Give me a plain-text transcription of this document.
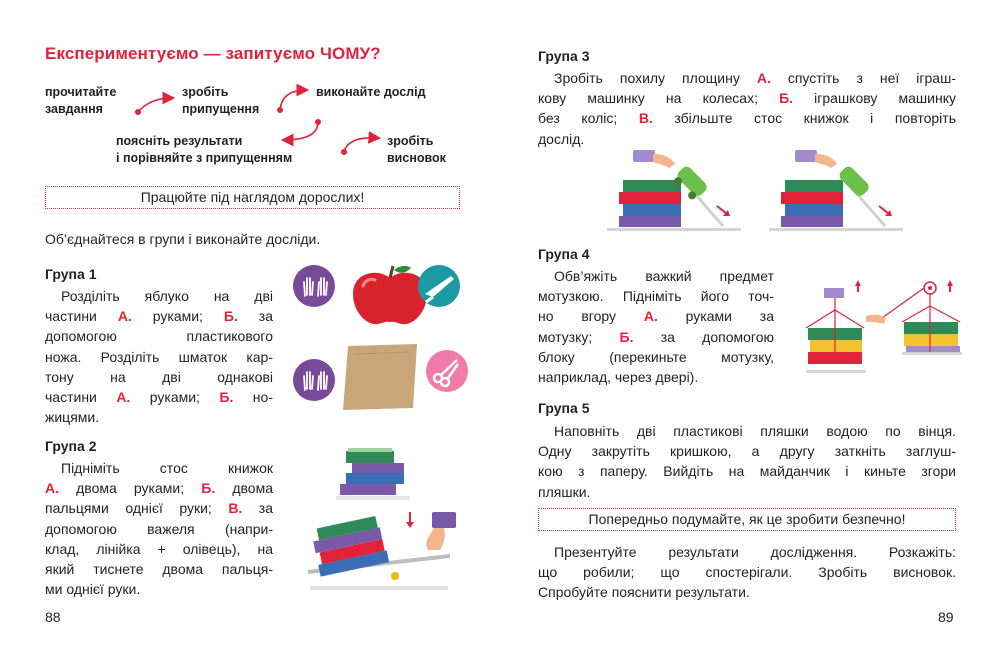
Експериментуємо — запитуємо ЧОМУ?
прочитайте
завдання
зробіть
припущення
виконайте дослід
поясніть результати
і порівняйте з припущенням
зробіть
висновок
Працюйте під наглядом дорослих!
Об’єднайтеся в групи і виконайте досліди.
Група 1
Розділіть яблуко на дві
частини А. руками; Б. за
допомогою пластикового
ножа. Розділіть шматок кар-
тону на дві однакові
частини А. руками; Б. но-
жицями.
Група 2
Підніміть стос книжок
А. двома руками; Б. двома
пальцями однієї руки; В. за
допомогою важеля (напри-
клад, лінійка + олівець), на
який тиснете двома пальця-
ми однієї руки.
88
Група 3
Зробіть похилу площину А. спустіть з неї іграш-
кову машинку на колесах; Б. іграшкову машинку
без коліс; В. збільште стос книжок і повторіть
дослід.
Група 4
Обв’яжіть важкий предмет
мотузкою. Підніміть його точ-
но вгору А. руками за
мотузку; Б. за допомогою
блоку (перекиньте мотузку,
наприклад, через двері).
Група 5
Наповніть дві пластикові пляшки водою по вінця.
Одну закрутіть кришкою, а другу заткніть заглуш-
кою з паперу. Вийдіть на майданчик і киньте згори
пляшки.
Попередньо подумайте, як це зробити безпечно!
Презентуйте результати дослідження. Розкажіть:
що робили; що спостерігали. Зробіть висновок.
Спробуйте пояснити результати.
89
